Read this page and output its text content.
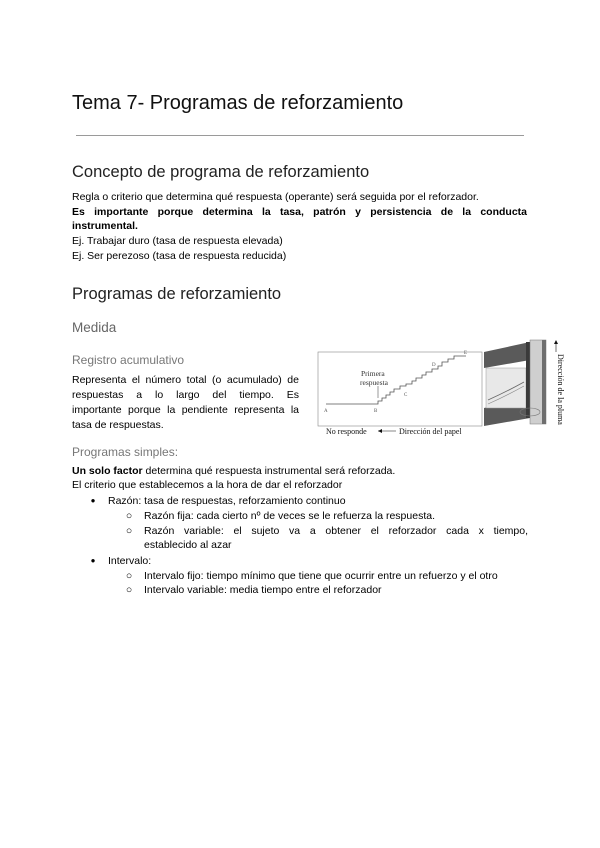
Tema 7- Programas de reforzamiento
Concepto de programa de reforzamiento
Regla o criterio que determina qué respuesta (operante) será seguida por el reforzador.
Es importante porque determina la tasa, patrón y persistencia de la conducta
instrumental.
Ej. Trabajar duro (tasa de respuesta elevada)
Ej. Ser perezoso (tasa de respuesta reducida)
Programas de reforzamiento
Medida
Registro acumulativo
Representa el número total (o acumulado) de
respuestas a lo largo del tiempo. Es
importante porque la pendiente representa la
tasa de respuestas.
Primera
respuesta
A	B
C
D
E
No responde	Dirección del papel
Dirección de la pluma
Programas simples:
Un solo factor determina qué respuesta instrumental será reforzada.
El criterio que establecemos a la hora de dar el reforzador
● Razón: tasa de respuestas, reforzamiento continuo
○ Razón fija: cada cierto nº de veces se le refuerza la respuesta.
○ Razón variable: el sujeto va a obtener el reforzador cada x tiempo,
establecido al azar
● Intervalo:
○ Intervalo fijo: tiempo mínimo que tiene que ocurrir entre un refuerzo y el otro
○ Intervalo variable: media tiempo entre el reforzador
